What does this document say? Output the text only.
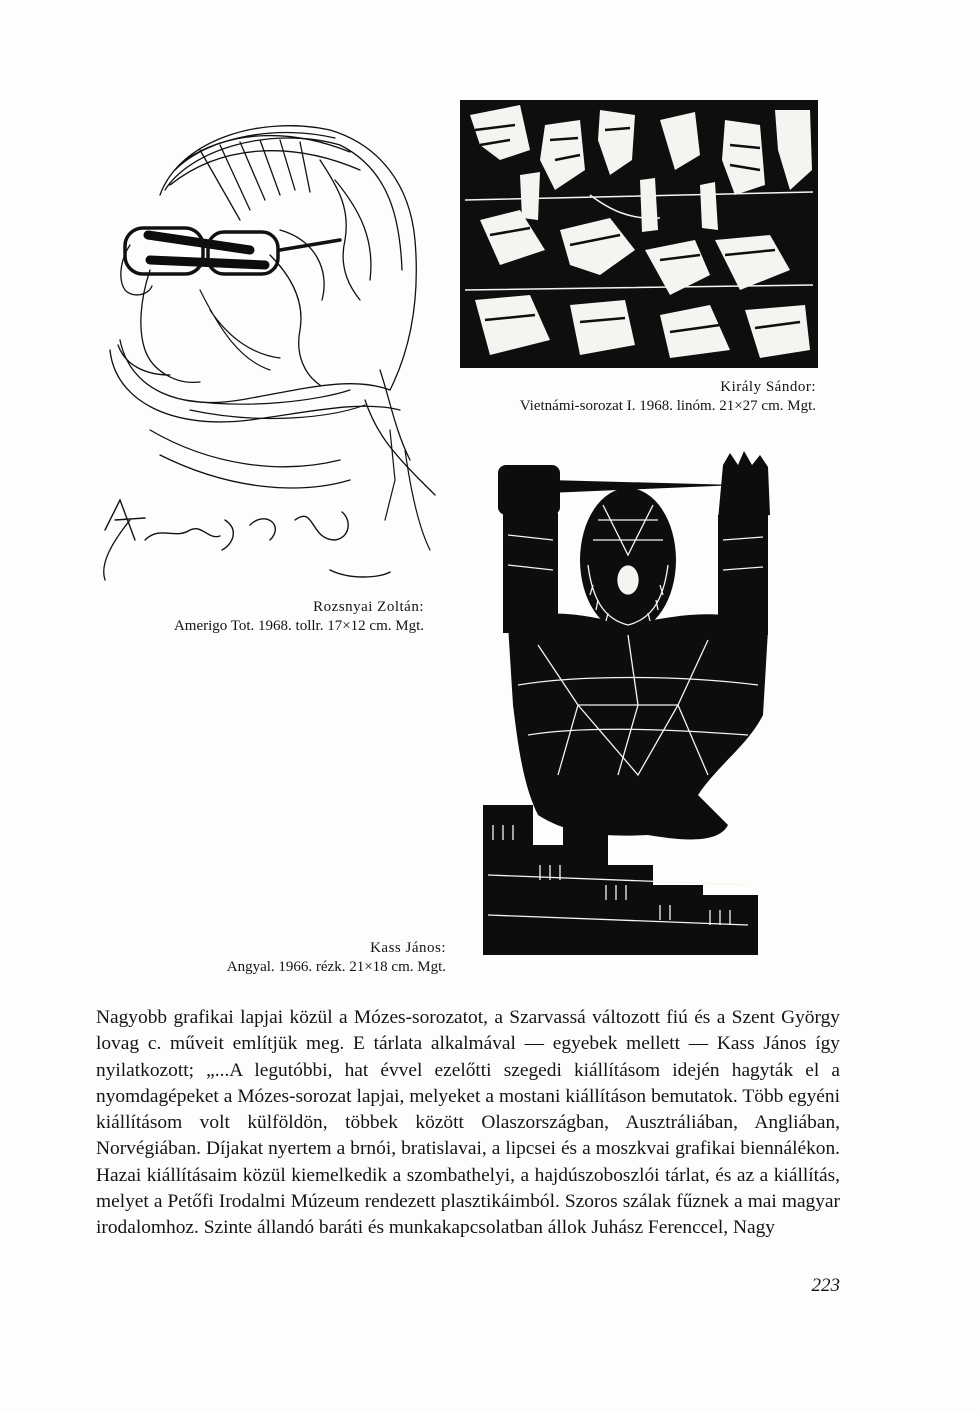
Rozsnyai Zoltán:
Amerigo Tot. 1968. tollr. 17×12 cm. Mgt.
Király Sándor:
Vietnámi-sorozat I. 1968. linóm. 21×27 cm. Mgt.
Kass János:
Angyal. 1966. rézk. 21×18 cm. Mgt.
Nagyobb grafikai lapjai közül a Mózes-sorozatot, a Szarvassá változott fiú és a Szent György lovag c. műveit említjük meg. E tárlata alkalmával — egyebek mellett — Kass János így nyilatkozott; „...A legutóbbi, hat évvel ezelőtti szegedi kiállításom idején hagyták el a nyomdagépeket a Mózes-sorozat lapjai, melyeket a mostani kiállításon bemutatok. Több egyéni kiállításom volt külföldön, többek között Olaszországban, Ausztráliában, Angliában, Norvégiában. Díjakat nyertem a brnói, bratislavai, a lipcsei és a moszkvai grafikai biennálékon. Hazai kiállításaim közül kiemelkedik a szombathelyi, a hajdúszoboszlói tárlat, és az a kiállítás, melyet a Petőfi Irodalmi Múzeum rendezett plasztikáimból. Szoros szálak fűznek a mai magyar irodalomhoz. Szinte állandó baráti és munkakapcsolatban állok Juhász Ferenccel, Nagy
223
